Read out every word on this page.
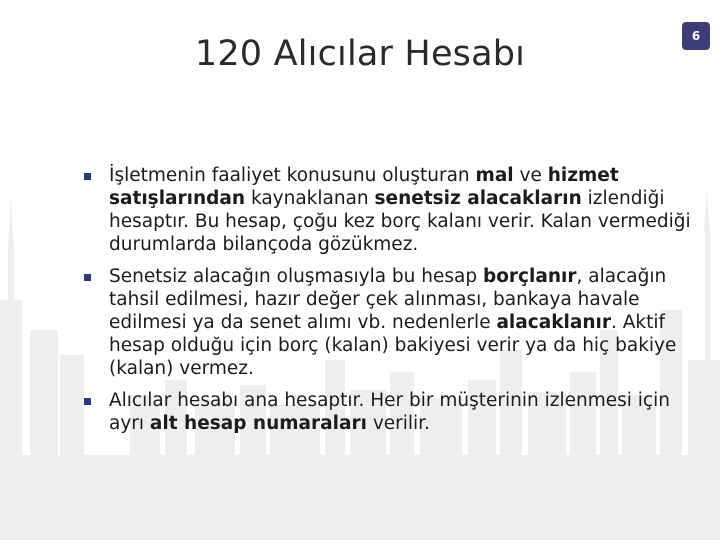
120 Alıcılar Hesabı	6
İşletmenin faaliyet konusunu oluşturan mal ve hizmet satışlarından kaynaklanan senetsiz alacakların izlendiği hesaptır. Bu hesap, çoğu kez borç kalanı verir. Kalan vermediği durumlarda bilançoda gözükmez.
Senetsiz alacağın oluşmasıyla bu hesap borçlanır, alacağın tahsil edilmesi, hazır değer çek alınması, bankaya havale edilmesi ya da senet alımı vb. nedenlerle alacaklanır. Aktif hesap olduğu için borç (kalan) bakiyesi verir ya da hiç bakiye (kalan) vermez.
Alıcılar hesabı ana hesaptır. Her bir müşterinin izlenmesi için ayrı alt hesap numaraları verilir.
